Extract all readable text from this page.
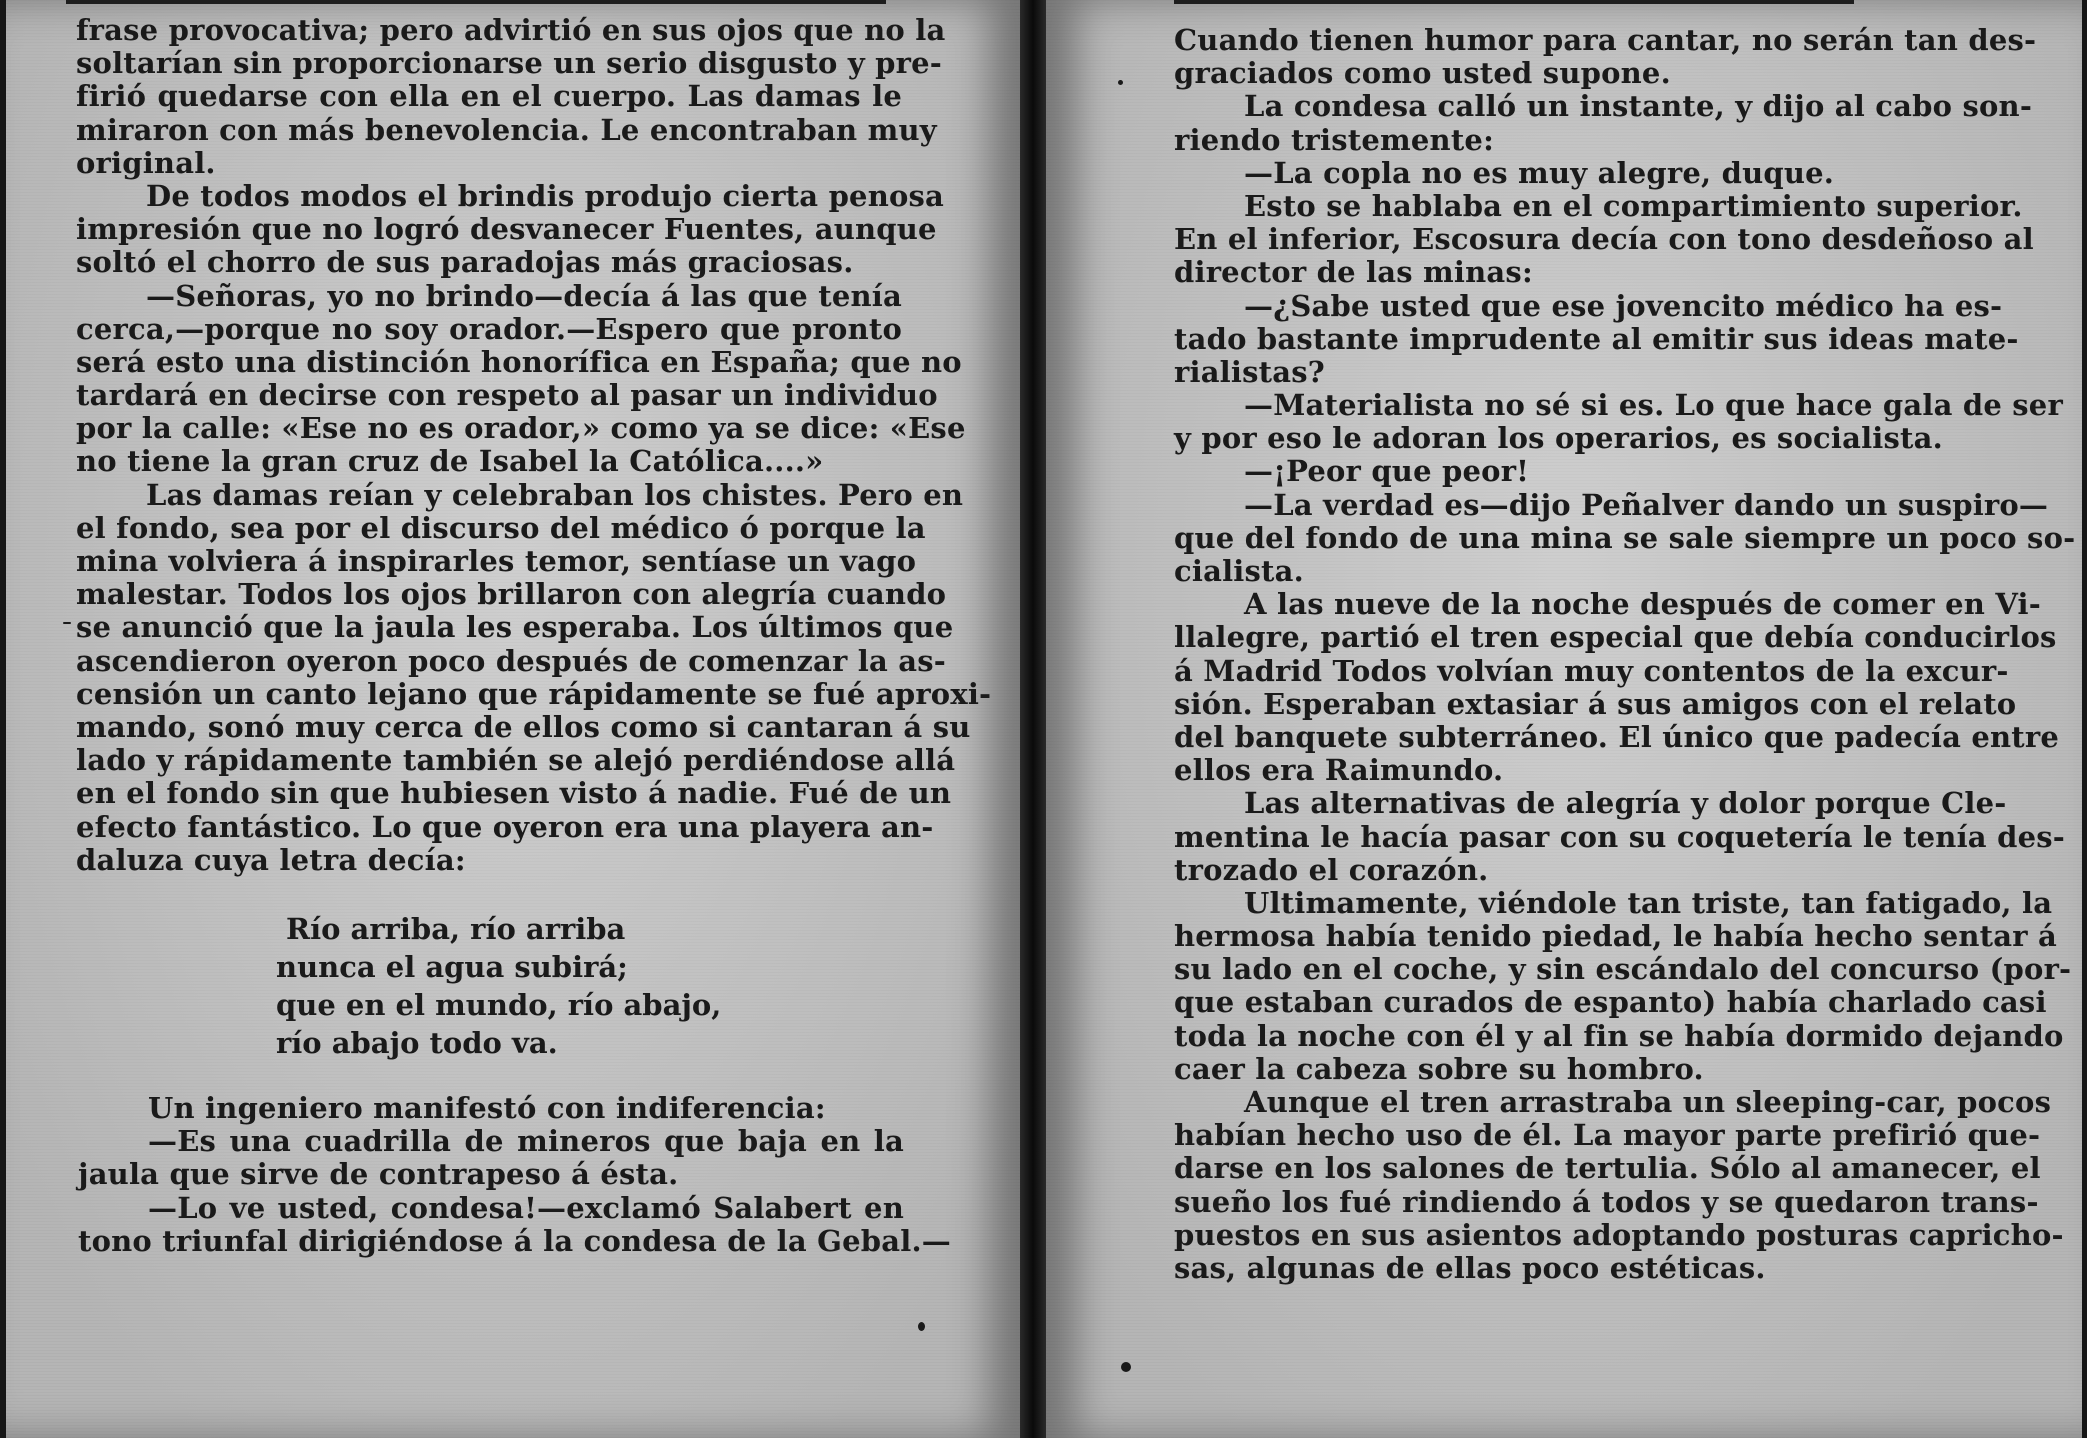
frase provocativa; pero advirtió en sus ojos que no la
soltarían sin proporcionarse un serio disgusto y pre-
firió quedarse con ella en el cuerpo. Las damas le
miraron con más benevolencia. Le encontraban muy
original.
De todos modos el brindis produjo cierta penosa
impresión que no logró desvanecer Fuentes, aunque
soltó el chorro de sus paradojas más graciosas.
—Señoras, yo no brindo—decía á las que tenía
cerca,—porque no soy orador.—Espero que pronto
será esto una distinción honorífica en España; que no
tardará en decirse con respeto al pasar un individuo
por la calle: «Ese no es orador,» como ya se dice: «Ese
no tiene la gran cruz de Isabel la Católica....»
Las damas reían y celebraban los chistes. Pero en
el fondo, sea por el discurso del médico ó porque la
mina volviera á inspirarles temor, sentíase un vago
malestar. Todos los ojos brillaron con alegría cuando
se anunció que la jaula les esperaba. Los últimos que
ascendieron oyeron poco después de comenzar la as-
censión un canto lejano que rápidamente se fué aproxi-
mando, sonó muy cerca de ellos como si cantaran á su
lado y rápidamente también se alejó perdiéndose allá
en el fondo sin que hubiesen visto á nadie. Fué de un
efecto fantástico. Lo que oyeron era una playera an-
daluza cuya letra decía:
Río arriba, río arriba
nunca el agua subirá;
que en el mundo, río abajo,
río abajo todo va.
Un ingeniero manifestó con indiferencia:
—Es una cuadrilla de mineros que baja en la
jaula que sirve de contrapeso á ésta.
—Lo ve usted, condesa!—exclamó Salabert en
tono triunfal dirigiéndose á la condesa de la Gebal.—
Cuando tienen humor para cantar, no serán tan des-
graciados como usted supone.
La condesa calló un instante, y dijo al cabo son-
riendo tristemente:
—La copla no es muy alegre, duque.
Esto se hablaba en el compartimiento superior.
En el inferior, Escosura decía con tono desdeñoso al
director de las minas:
—¿Sabe usted que ese jovencito médico ha es-
tado bastante imprudente al emitir sus ideas mate-
rialistas?
—Materialista no sé si es. Lo que hace gala de ser
y por eso le adoran los operarios, es socialista.
—¡Peor que peor!
—La verdad es—dijo Peñalver dando un suspiro—
que del fondo de una mina se sale siempre un poco so-
cialista.
A las nueve de la noche después de comer en Vi-
llalegre, partió el tren especial que debía conducirlos
á Madrid Todos volvían muy contentos de la excur-
sión. Esperaban extasiar á sus amigos con el relato
del banquete subterráneo. El único que padecía entre
ellos era Raimundo.
Las alternativas de alegría y dolor porque Cle-
mentina le hacía pasar con su coquetería le tenía des-
trozado el corazón.
Ultimamente, viéndole tan triste, tan fatigado, la
hermosa había tenido piedad, le había hecho sentar á
su lado en el coche, y sin escándalo del concurso (por-
que estaban curados de espanto) había charlado casi
toda la noche con él y al fin se había dormido dejando
caer la cabeza sobre su hombro.
Aunque el tren arrastraba un sleeping-car, pocos
habían hecho uso de él. La mayor parte prefirió que-
darse en los salones de tertulia. Sólo al amanecer, el
sueño los fué rindiendo á todos y se quedaron trans-
puestos en sus asientos adoptando posturas capricho-
sas, algunas de ellas poco estéticas.
